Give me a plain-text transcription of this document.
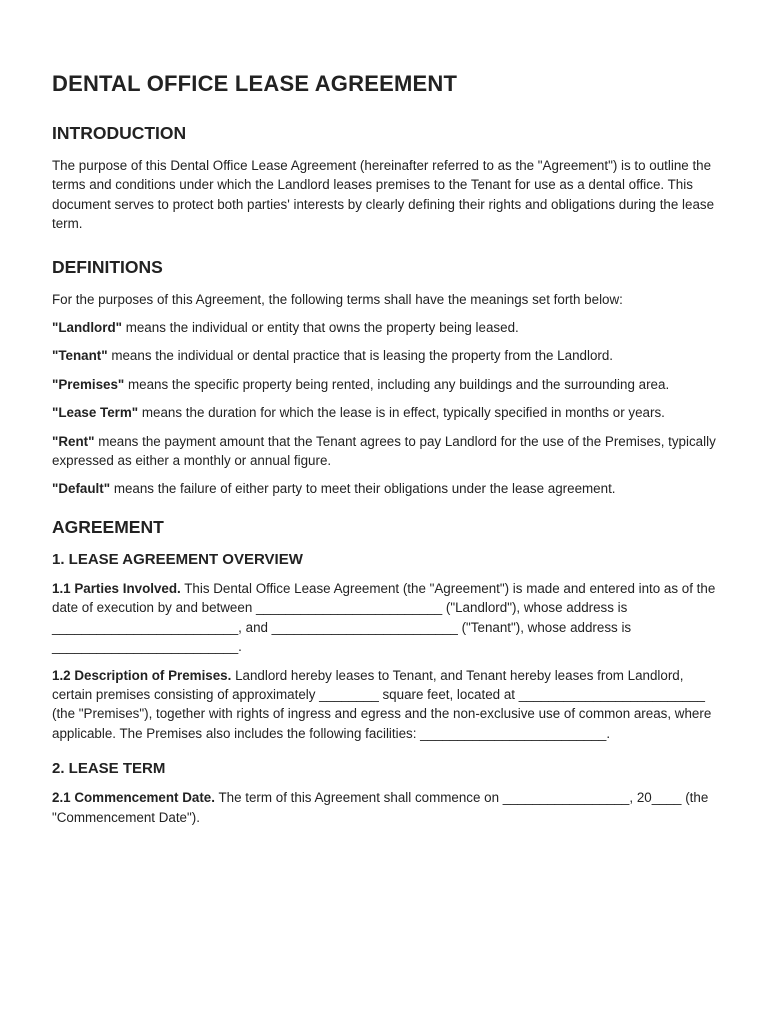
DENTAL OFFICE LEASE AGREEMENT
INTRODUCTION

The purpose of this Dental Office Lease Agreement (hereinafter referred to as the "Agreement") is to outline the terms and conditions under which the Landlord leases premises to the Tenant for use as a dental office. This document serves to protect both parties' interests by clearly defining their rights and obligations during the lease term.

DEFINITIONS

For the purposes of this Agreement, the following terms shall have the meanings set forth below:

"Landlord" means the individual or entity that owns the property being leased.

"Tenant" means the individual or dental practice that is leasing the property from the Landlord.

"Premises" means the specific property being rented, including any buildings and the surrounding area.

"Lease Term" means the duration for which the lease is in effect, typically specified in months or years.

"Rent" means the payment amount that the Tenant agrees to pay Landlord for the use of the Premises, typically expressed as either a monthly or annual figure.

"Default" means the failure of either party to meet their obligations under the lease agreement.

AGREEMENT
1. LEASE AGREEMENT OVERVIEW

1.1 Parties Involved. This Dental Office Lease Agreement (the "Agreement") is made and entered into as of the date of execution by and between _________________________ ("Landlord"), whose address is _________________________, and _________________________ ("Tenant"), whose address is _________________________.

1.2 Description of Premises. Landlord hereby leases to Tenant, and Tenant hereby leases from Landlord, certain premises consisting of approximately ________ square feet, located at _________________________ (the "Premises"), together with rights of ingress and egress and the non-exclusive use of common areas, where applicable. The Premises also includes the following facilities: _________________________.

2. LEASE TERM

2.1 Commencement Date. The term of this Agreement shall commence on _________________, 20____ (the "Commencement Date").
